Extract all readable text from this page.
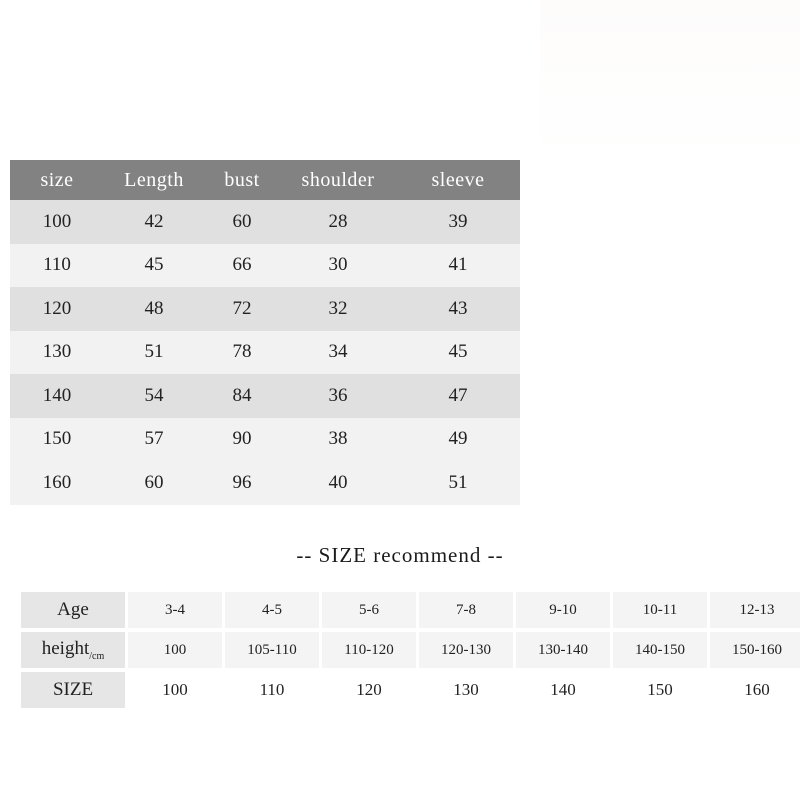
size	Length	bust	shoulder	sleeve
100	42	60	28	39
110	45	66	30	41
120	48	72	32	43
130	51	78	34	45
140	54	84	36	47
150	57	90	38	49
160	60	96	40	51
-- SIZE recommend --
Age	3-4	4-5	5-6	7-8	9-10	10-11	12-13
height$_{/cm}$	100	105-110	110-120	120-130	130-140	140-150	150-160
SIZE	100	110	120	130	140	150	160
